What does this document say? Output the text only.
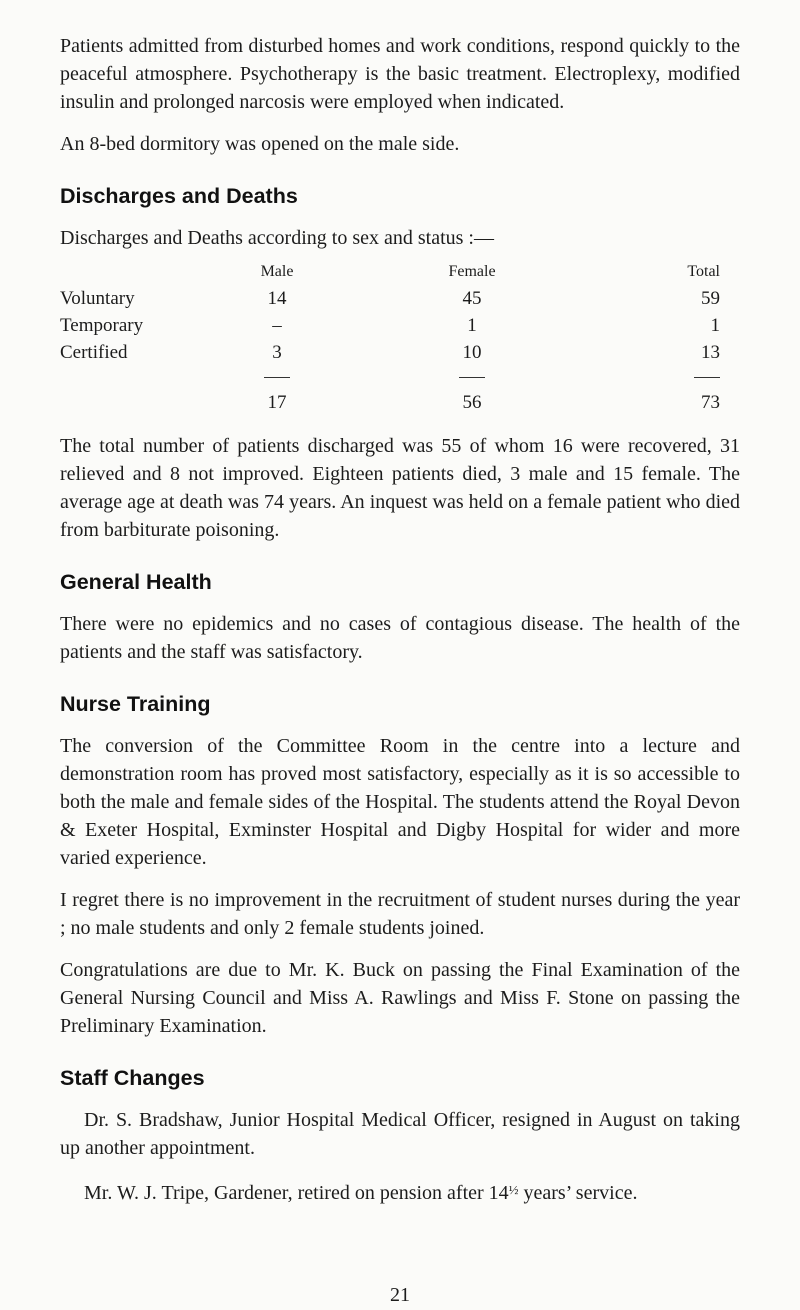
Patients admitted from disturbed homes and work conditions, respond quickly to the peaceful atmosphere. Psychotherapy is the basic treatment. Electroplexy, modified insulin and prolonged narcosis were employed when indicated.

An 8-bed dormitory was opened on the male side.

Discharges and Deaths

Discharges and Deaths according to sex and status :—

	Male		Female		Total
Voluntary	14		45		59
Temporary	–		1		1
Certified	3		10		13

	17		56		73

The total number of patients discharged was 55 of whom 16 were recovered, 31 relieved and 8 not improved. Eighteen patients died, 3 male and 15 female. The average age at death was 74 years. An inquest was held on a female patient who died from barbiturate poisoning.

General Health

There were no epidemics and no cases of contagious disease. The health of the patients and the staff was satisfactory.

Nurse Training

The conversion of the Committee Room in the centre into a lecture and demonstration room has proved most satisfactory, especially as it is so accessible to both the male and female sides of the Hospital. The students attend the Royal Devon & Exeter Hospital, Exminster Hospital and Digby Hospital for wider and more varied experience.

I regret there is no improvement in the recruitment of student nurses during the year ; no male students and only 2 female students joined.

Congratulations are due to Mr. K. Buck on passing the Final Examination of the General Nursing Council and Miss A. Rawlings and Miss F. Stone on passing the Preliminary Examination.

Staff Changes

Dr. S. Bradshaw, Junior Hospital Medical Officer, resigned in August on taking up another appointment.

Mr. W. J. Tripe, Gardener, retired on pension after $14^{\frac{1}{2}}$ years’ service.

21
